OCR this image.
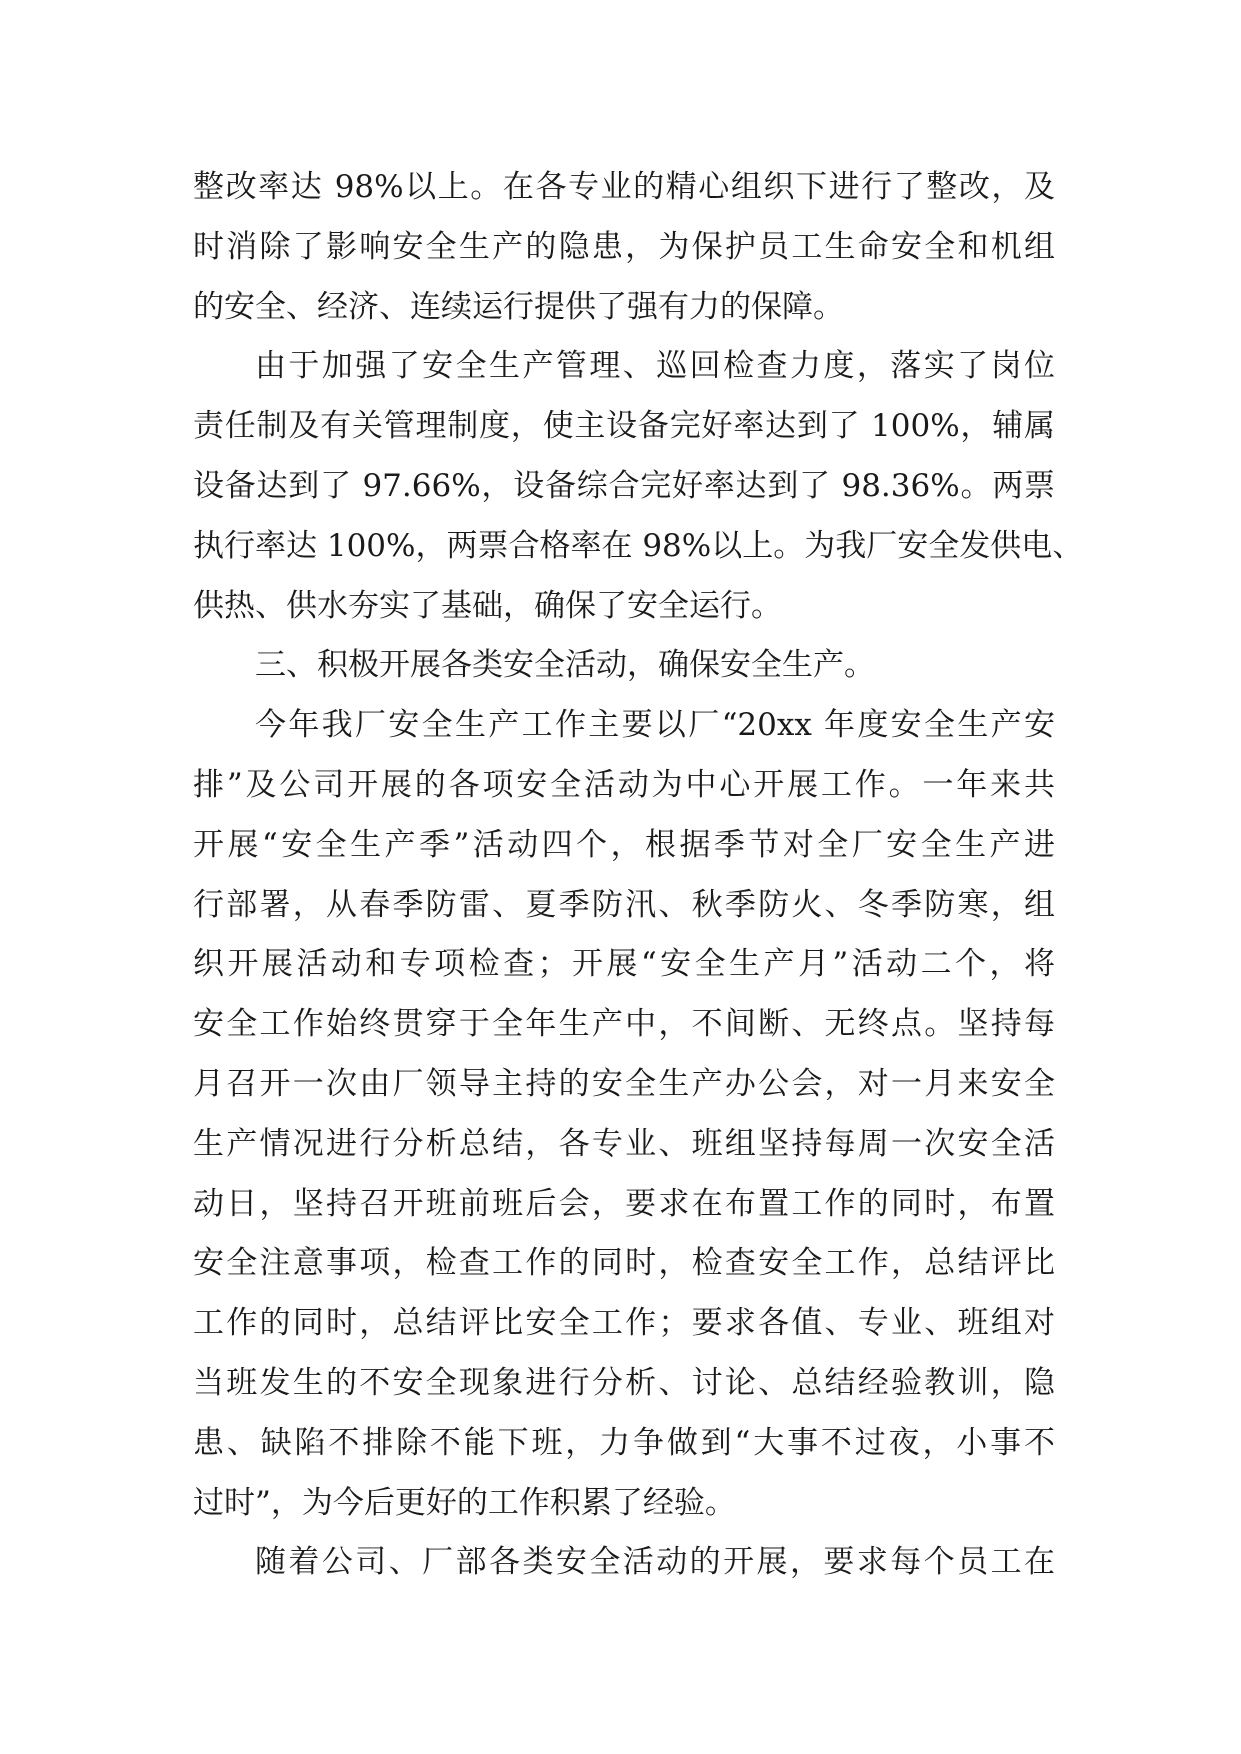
整改率达 98%以上。在各专业的精心组织下进行了整改，及
时消除了影响安全生产的隐患，为保护员工生命安全和机组
的安全、经济、连续运行提供了强有力的保障。
由于加强了安全生产管理、巡回检查力度，落实了岗位
责任制及有关管理制度，使主设备完好率达到了 100%，辅属
设备达到了 97.66%，设备综合完好率达到了 98.36%。两票
执行率达 100%，两票合格率在 98%以上。为我厂安全发供电、
供热、供水夯实了基础，确保了安全运行。
三、积极开展各类安全活动，确保安全生产。
今年我厂安全生产工作主要以厂“20xx 年度安全生产安
排”及公司开展的各项安全活动为中心开展工作。一年来共
开展“安全生产季”活动四个，根据季节对全厂安全生产进
行部署，从春季防雷、夏季防汛、秋季防火、冬季防寒，组
织开展活动和专项检查；开展“安全生产月”活动二个，将
安全工作始终贯穿于全年生产中，不间断、无终点。坚持每
月召开一次由厂领导主持的安全生产办公会，对一月来安全
生产情况进行分析总结，各专业、班组坚持每周一次安全活
动日，坚持召开班前班后会，要求在布置工作的同时，布置
安全注意事项，检查工作的同时，检查安全工作，总结评比
工作的同时，总结评比安全工作；要求各值、专业、班组对
当班发生的不安全现象进行分析、讨论、总结经验教训，隐
患、缺陷不排除不能下班，力争做到“大事不过夜，小事不
过时”，为今后更好的工作积累了经验。
随着公司、厂部各类安全活动的开展，要求每个员工在
